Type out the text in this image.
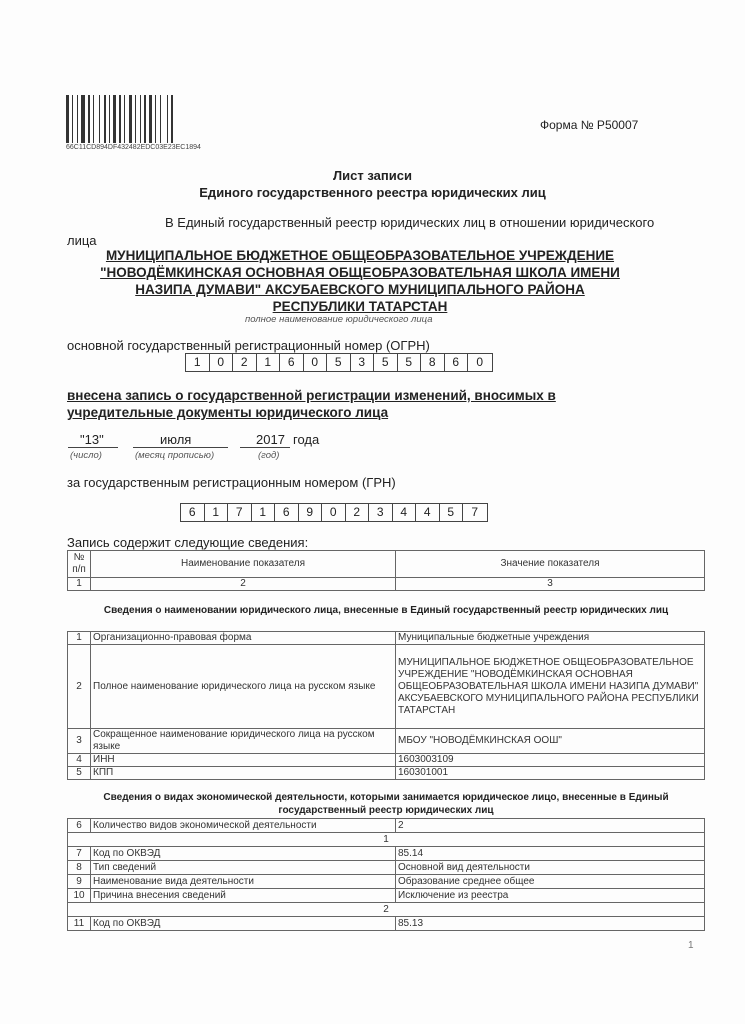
66C11CD894DF432482EDC03E23EC1894
Форма № Р50007
Лист записи
Единого государственного реестра юридических лиц
В Единый государственный реестр юридических лиц в отношении юридического
лица
МУНИЦИПАЛЬНОЕ БЮДЖЕТНОЕ ОБЩЕОБРАЗОВАТЕЛЬНОЕ УЧРЕЖДЕНИЕ
"НОВОДЁМКИНСКАЯ ОСНОВНАЯ ОБЩЕОБРАЗОВАТЕЛЬНАЯ ШКОЛА ИМЕНИ
НАЗИПА ДУМАВИ" АКСУБАЕВСКОГО МУНИЦИПАЛЬНОГО РАЙОНА
РЕСПУБЛИКИ ТАТАРСТАН
полное наименование юридического лица
основной государственный регистрационный номер (ОГРН)
1	0	2	1	6	0	5	3	5	5	8	6	0
внесена запись о государственной регистрации изменений, вносимых в
учредительные документы юридического лица
"13"	июля	2017 года
(число)	(месяц прописью)	(год)
за государственным регистрационным номером (ГРН)
6	1	7	1	6	9	0	2	3	4	4	5	7
Запись содержит следующие сведения:
№ п/п	Наименование показателя	Значение показателя
1	2	3
Сведения о наименовании юридического лица, внесенные в Единый государственный реестр юридических лиц
1	Организационно-правовая форма	Муниципальные бюджетные учреждения
2	Полное наименование юридического лица на русском языке	МУНИЦИПАЛЬНОЕ БЮДЖЕТНОЕ ОБЩЕОБРАЗОВАТЕЛЬНОЕ УЧРЕЖДЕНИЕ "НОВОДЁМКИНСКАЯ ОСНОВНАЯ ОБЩЕОБРАЗОВАТЕЛЬНАЯ ШКОЛА ИМЕНИ НАЗИПА ДУМАВИ" АКСУБАЕВСКОГО МУНИЦИПАЛЬНОГО РАЙОНА РЕСПУБЛИКИ ТАТАРСТАН
3	Сокращенное наименование юридического лица на русском языке	МБОУ "НОВОДЁМКИНСКАЯ ООШ"
4	ИНН	1603003109
5	КПП	160301001
Сведения о видах экономической деятельности, которыми занимается юридическое лицо, внесенные в Единый государственный реестр юридических лиц
6	Количество видов экономической деятельности	2
1		
7	Код по ОКВЭД	85.14
8	Тип сведений	Основной вид деятельности
9	Наименование вида деятельности	Образование среднее общее
10	Причина внесения сведений	Исключение из реестра
2		
11	Код по ОКВЭД	85.13
1
